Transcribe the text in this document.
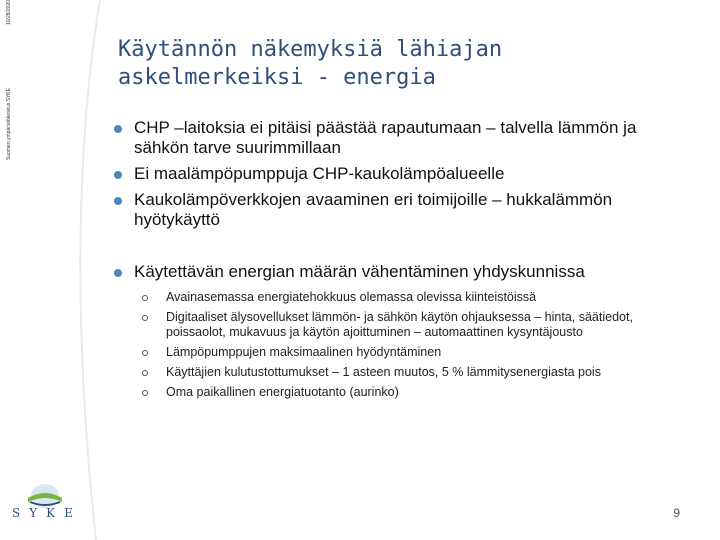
Suomen ympäristökeskus SYKE
10/28/2020
Käytännön näkemyksiä lähiajan
askelmerkeiksi - energia
CHP –laitoksia ei pitäisi päästää rapautumaan – talvella lämmön ja sähkön tarve suurimmillaan
Ei maalämpöpumppuja CHP-kaukolämpöalueelle
Kaukolämpöverkkojen avaaminen eri toimijoille – hukkalämmön hyötykäyttö
Käytettävän energian määrän vähentäminen yhdyskunnissa
Avainasemassa energiatehokkuus olemassa olevissa kiinteistöissä
Digitaaliset älysovellukset lämmön- ja sähkön käytön ohjauksessa – hinta, säätiedot, poissaolot, mukavuus ja käytön ajoittuminen – automaattinen kysyntäjousto
Lämpöpumppujen maksimaalinen hyödyntäminen
Käyttäjien kulutustottumukset – 1 asteen muutos, 5 % lämmitysenergiasta pois
Oma paikallinen energiatuotanto (aurinko)
SYKE	9
